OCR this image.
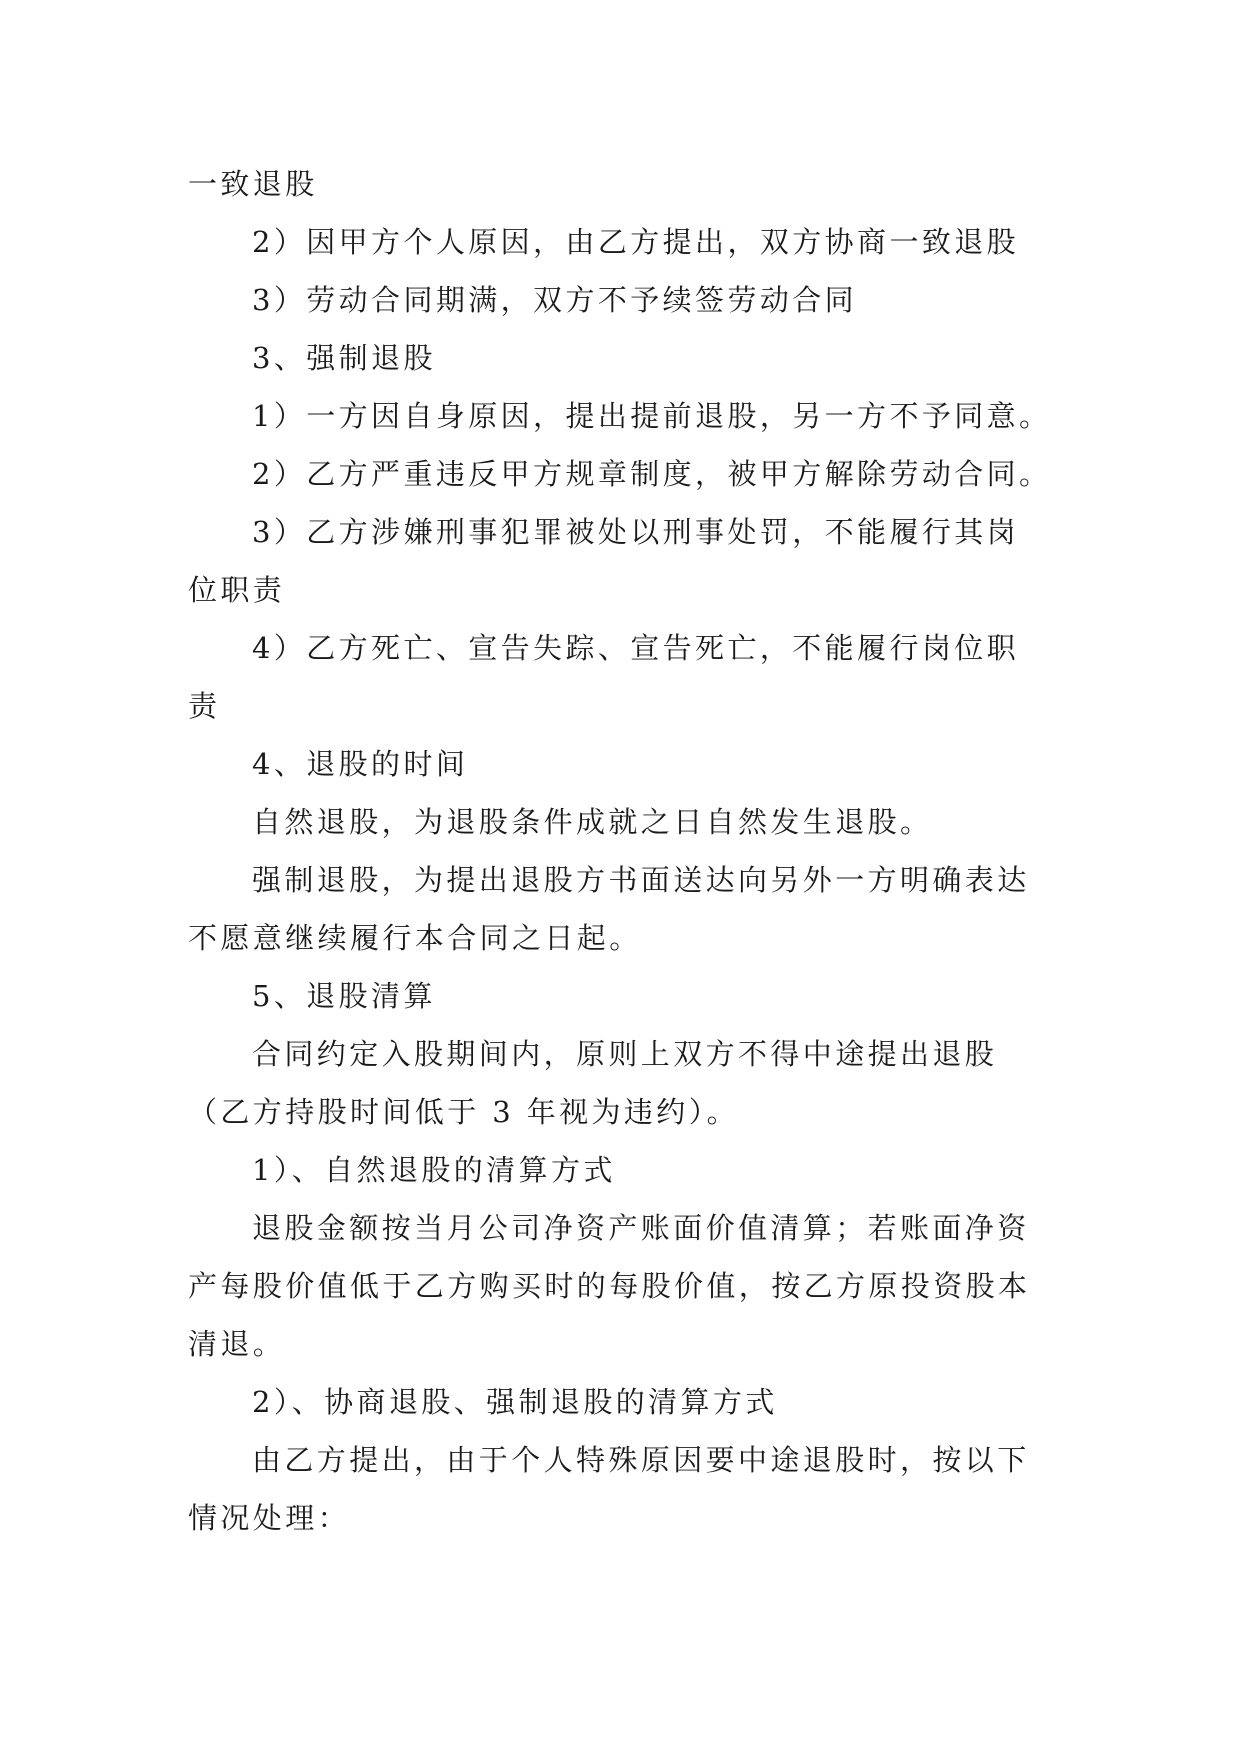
一致退股
2）因甲方个人原因，由乙方提出，双方协商一致退股
3）劳动合同期满，双方不予续签劳动合同
3、强制退股
1）一方因自身原因，提出提前退股，另一方不予同意。
2）乙方严重违反甲方规章制度，被甲方解除劳动合同。
3）乙方涉嫌刑事犯罪被处以刑事处罚，不能履行其岗
位职责
4）乙方死亡、宣告失踪、宣告死亡，不能履行岗位职
责
4、退股的时间
自然退股，为退股条件成就之日自然发生退股。
强制退股，为提出退股方书面送达向另外一方明确表达
不愿意继续履行本合同之日起。
5、退股清算
合同约定入股期间内，原则上双方不得中途提出退股
（乙方持股时间低于 3 年视为违约）。
1）、自然退股的清算方式
退股金额按当月公司净资产账面价值清算；若账面净资
产每股价值低于乙方购买时的每股价值，按乙方原投资股本
清退。
2）、协商退股、强制退股的清算方式
由乙方提出，由于个人特殊原因要中途退股时，按以下
情况处理：
